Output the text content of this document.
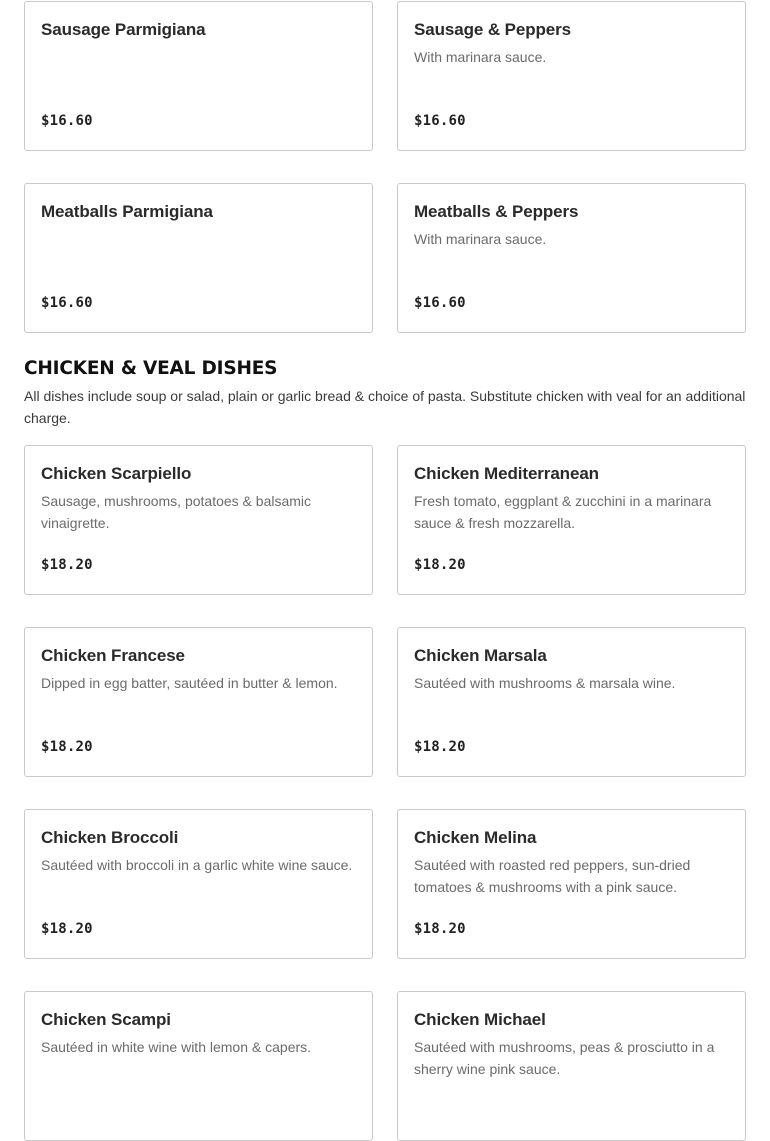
Sausage Parmigiana
$16.60
Sausage & Peppers
With marinara sauce.
$16.60
Meatballs Parmigiana
$16.60
Meatballs & Peppers
With marinara sauce.
$16.60
CHICKEN & VEAL DISHES

All dishes include soup or salad, plain or garlic bread & choice of pasta. Substitute chicken with veal for an additional charge.

Chicken Scarpiello
Sausage, mushrooms, potatoes & balsamic vinaigrette.
$18.20
Chicken Mediterranean
Fresh tomato, eggplant & zucchini in a marinara sauce & fresh mozzarella.
$18.20
Chicken Francese
Dipped in egg batter, sautéed in butter & lemon.
$18.20
Chicken Marsala
Sautéed with mushrooms & marsala wine.
$18.20
Chicken Broccoli
Sautéed with broccoli in a garlic white wine sauce.
$18.20
Chicken Melina
Sautéed with roasted red peppers, sun-dried tomatoes & mushrooms with a pink sauce.
$18.20
Chicken Scampi
Sautéed in white wine with lemon & capers.
Chicken Michael
Sautéed with mushrooms, peas & prosciutto in a sherry wine pink sauce.
